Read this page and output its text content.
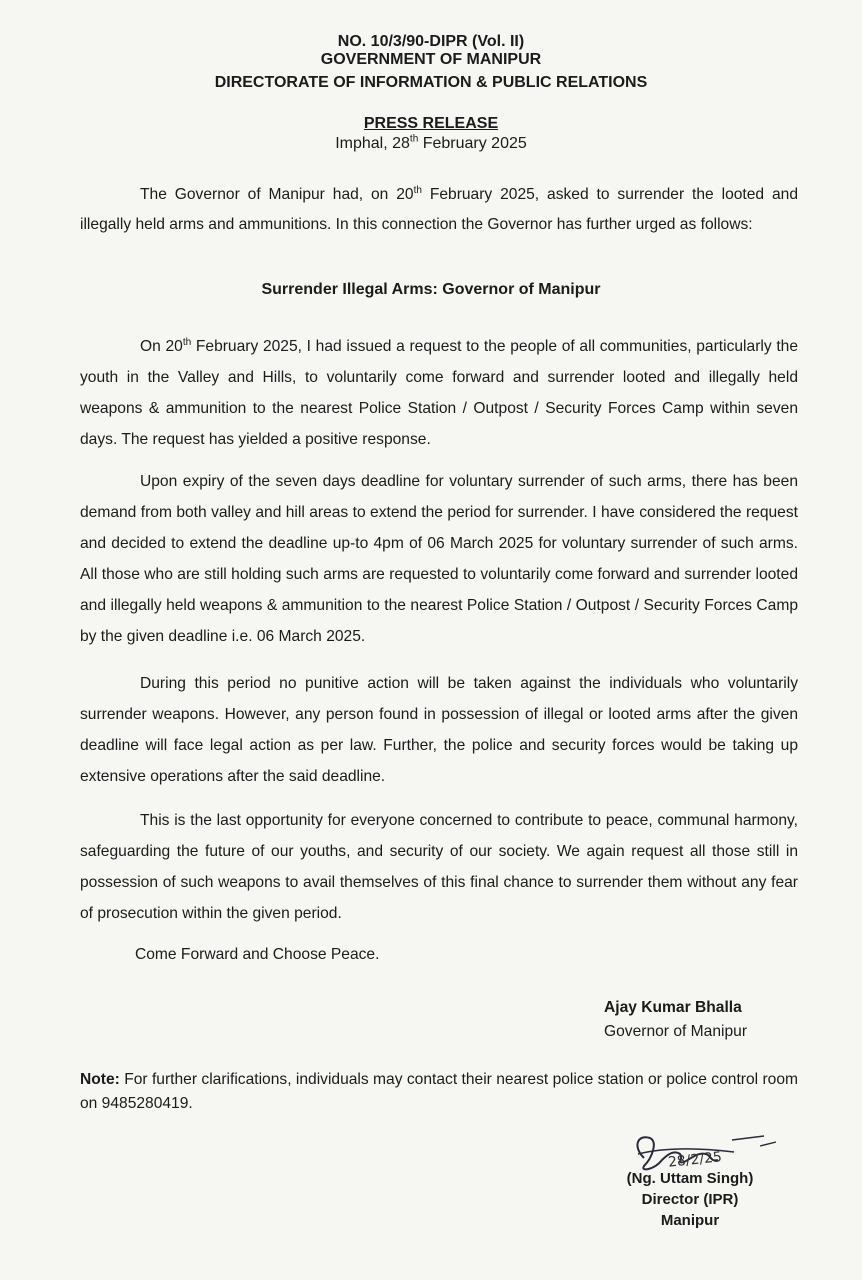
NO. 10/3/90-DIPR (Vol. II)
GOVERNMENT OF MANIPUR
DIRECTORATE OF INFORMATION & PUBLIC RELATIONS
PRESS RELEASE
Imphal, 28th February 2025

The Governor of Manipur had, on 20th February 2025, asked to surrender the looted and illegally held arms and ammunitions. In this connection the Governor has further urged as follows:

Surrender Illegal Arms: Governor of Manipur

On 20th February 2025, I had issued a request to the people of all communities, particularly the youth in the Valley and Hills, to voluntarily come forward and surrender looted and illegally held weapons & ammunition to the nearest Police Station / Outpost / Security Forces Camp within seven days. The request has yielded a positive response.

Upon expiry of the seven days deadline for voluntary surrender of such arms, there has been demand from both valley and hill areas to extend the period for surrender. I have considered the request and decided to extend the deadline up-to 4pm of 06 March 2025 for voluntary surrender of such arms. All those who are still holding such arms are requested to voluntarily come forward and surrender looted and illegally held weapons & ammunition to the nearest Police Station / Outpost / Security Forces Camp by the given deadline i.e. 06 March 2025.

During this period no punitive action will be taken against the individuals who voluntarily surrender weapons. However, any person found in possession of illegal or looted arms after the given deadline will face legal action as per law. Further, the police and security forces would be taking up extensive operations after the said deadline.

This is the last opportunity for everyone concerned to contribute to peace, communal harmony, safeguarding the future of our youths, and security of our society. We again request all those still in possession of such weapons to avail themselves of this final chance to surrender them without any fear of prosecution within the given period.

Come Forward and Choose Peace.
Ajay Kumar Bhalla
Governor of Manipur

Note: For further clarifications, individuals may contact their nearest police station or police control room on 9485280419.

28/2/25
(Ng. Uttam Singh)
Director (IPR)
Manipur
